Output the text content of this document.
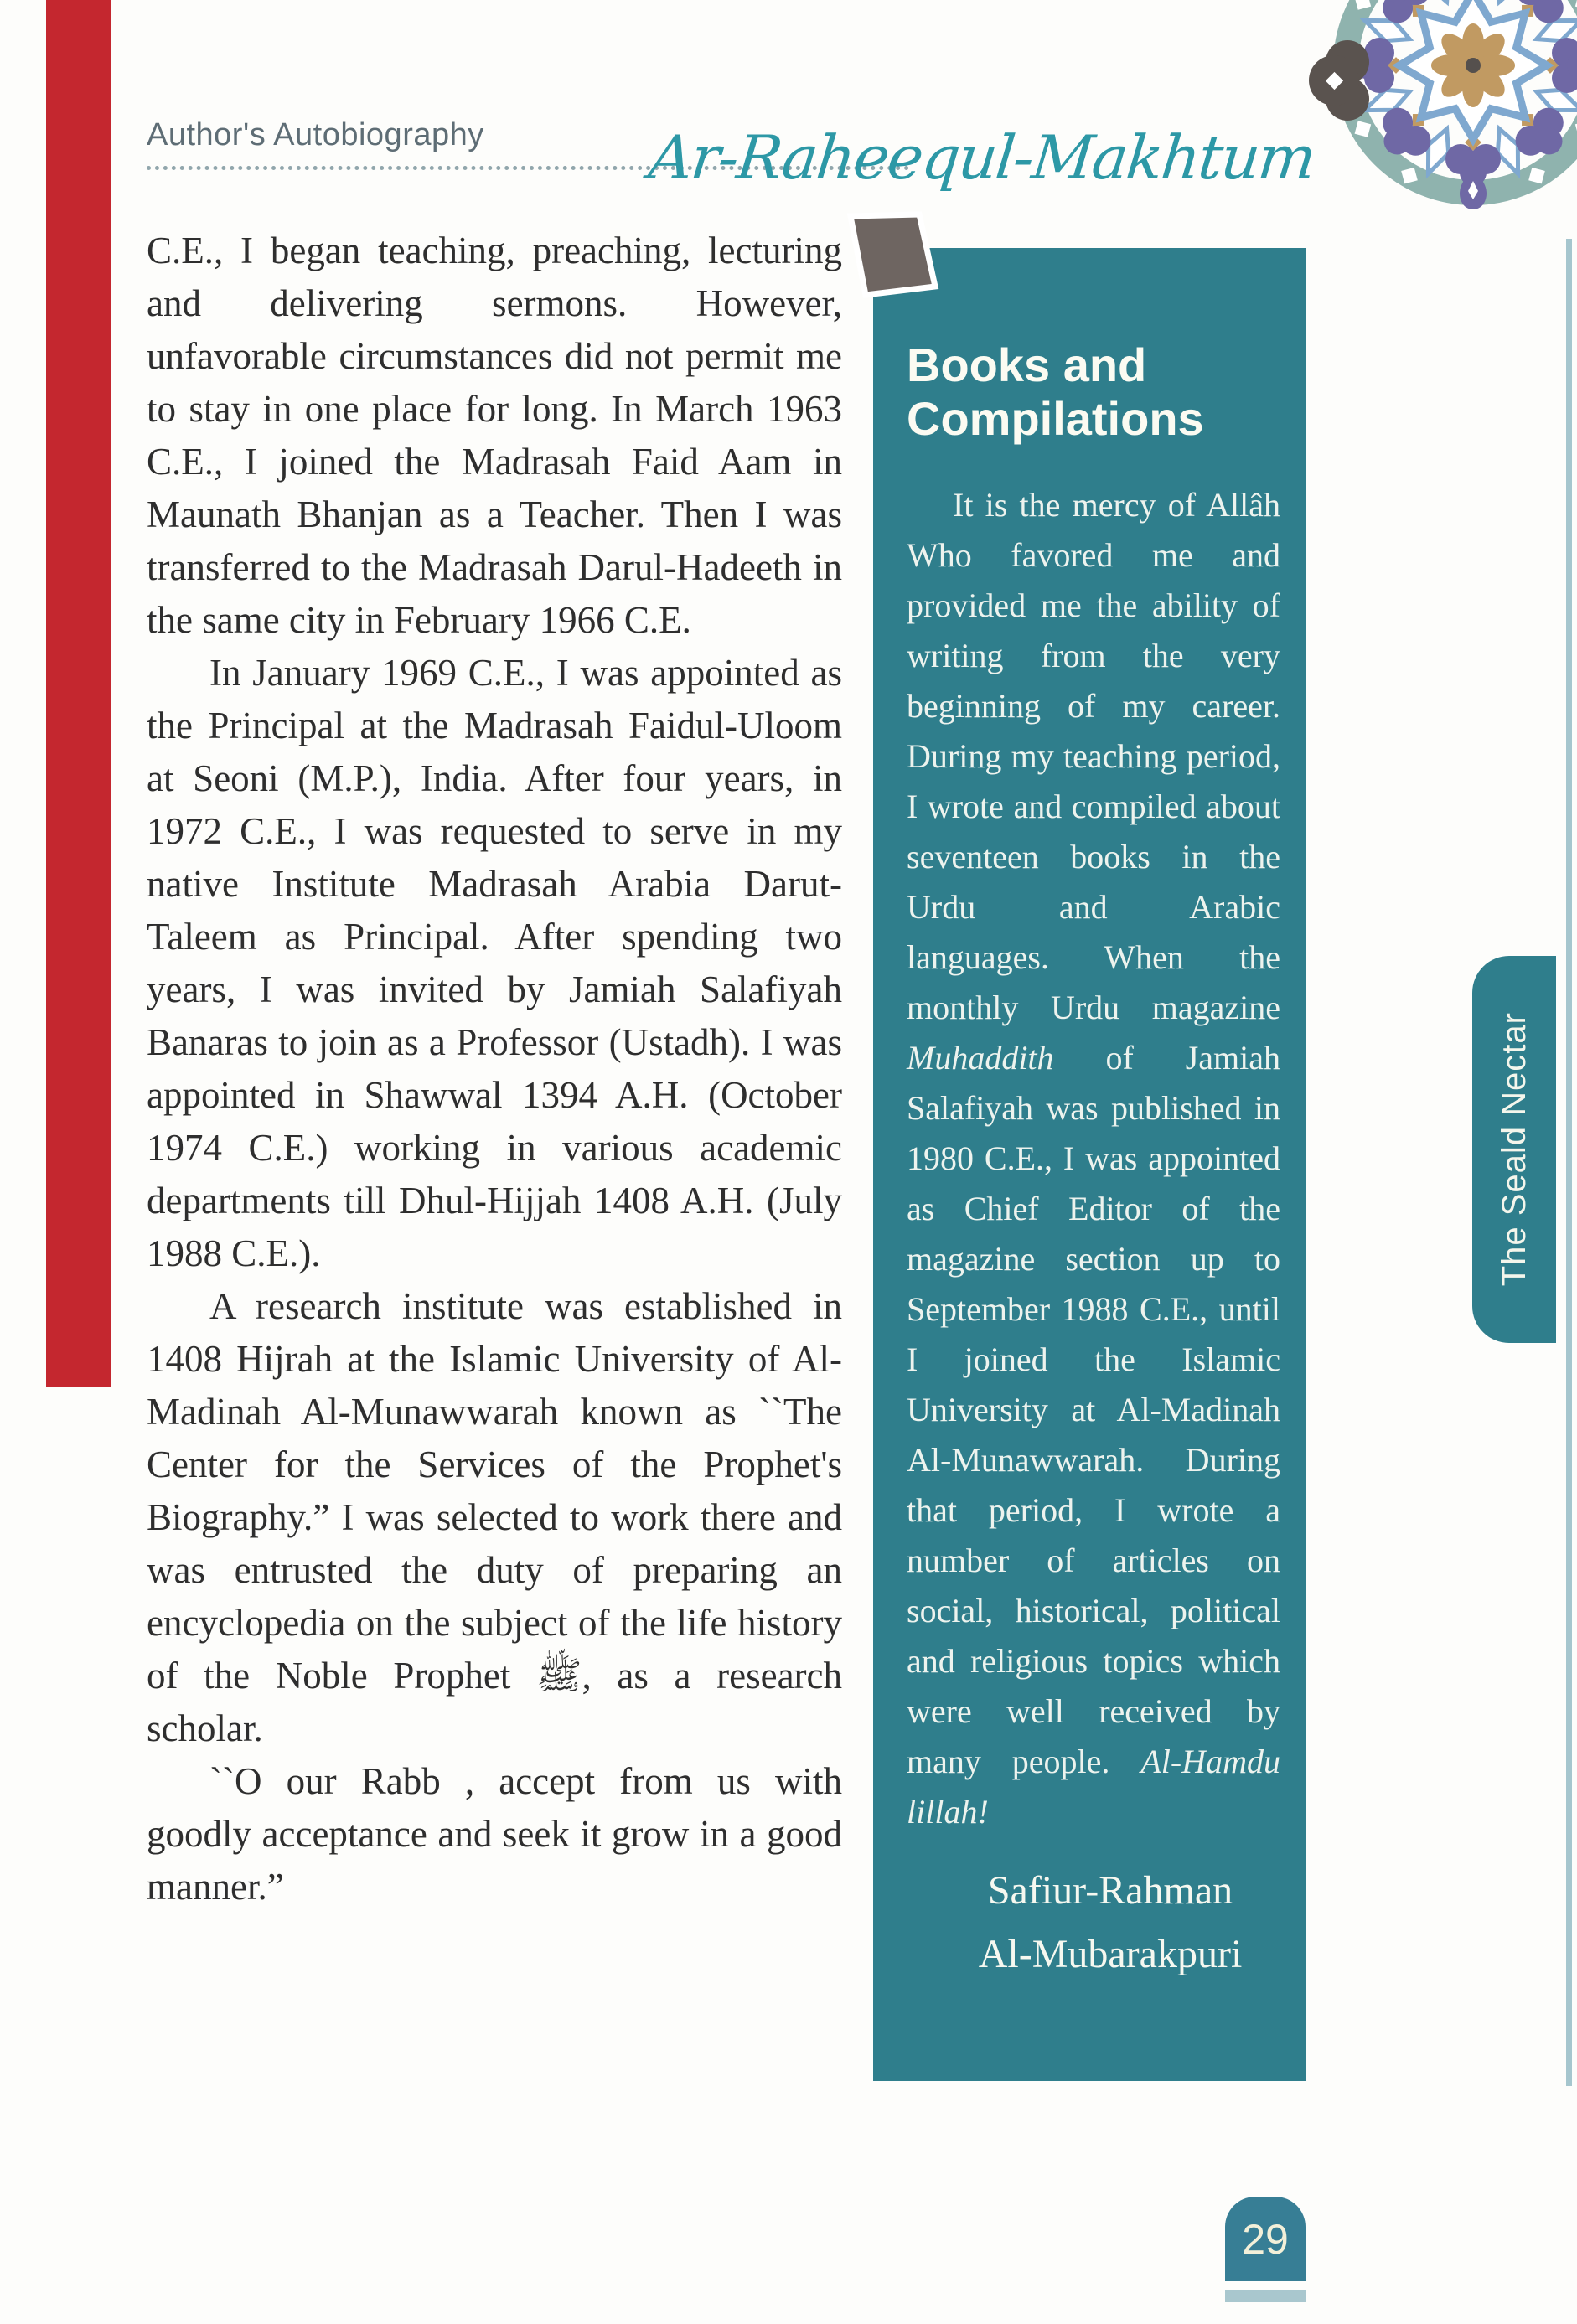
Author's Autobiography	Ar-Raheequl-Makhtum

C.E., I began teaching, preaching, lecturing and delivering sermons. However, unfavorable circumstances did not permit me to stay in one place for long. In March 1963 C.E., I joined the Madrasah Faid Aam in Maunath Bhanjan as a Teacher. Then I was transferred to the Madrasah Darul-Hadeeth in the same city in February 1966 C.E.

In January 1969 C.E., I was appointed as the Principal at the Madrasah Faidul-Uloom at Seoni (M.P.), India. After four years, in 1972 C.E., I was requested to serve in my native Institute Madrasah Arabia Darut-Taleem as Principal. After spending two years, I was invited by Jamiah Salafiyah Banaras to join as a Professor (Ustadh). I was appointed in Shawwal 1394 A.H. (October 1974 C.E.) working in various academic departments till Dhul-Hijjah 1408 A.H. (July 1988 C.E.).

A research institute was established in 1408 Hijrah at the Islamic University of Al-Madinah Al-Munawwarah known as ``The Center for the Services of the Prophet's Biography.” I was selected to work there and was entrusted the duty of preparing an encyclopedia on the subject of the life history of the Noble Prophet ﷺ, as a research scholar.

``O our Rabb , accept from us with goodly acceptance and seek it grow in a good manner.”

Books and Compilations
It is the mercy of Allâh Who favored me and provided me the ability of writing from the very beginning of my career. During my teaching period, I wrote and compiled about seventeen books in the Urdu and Arabic languages. When the monthly Urdu magazine Muhaddith of Jamiah Salafiyah was published in 1980 C.E., I was appointed as Chief Editor of the magazine section up to September 1988 C.E., until I joined the Islamic University at Al-Madinah Al-Munawwarah. During that period, I wrote a number of articles on social, historical, political and religious topics which were well received by many people. Al-Hamdu lillah!
Safiur-Rahman
Al-Mubarakpuri
The Seald Nectar
29
